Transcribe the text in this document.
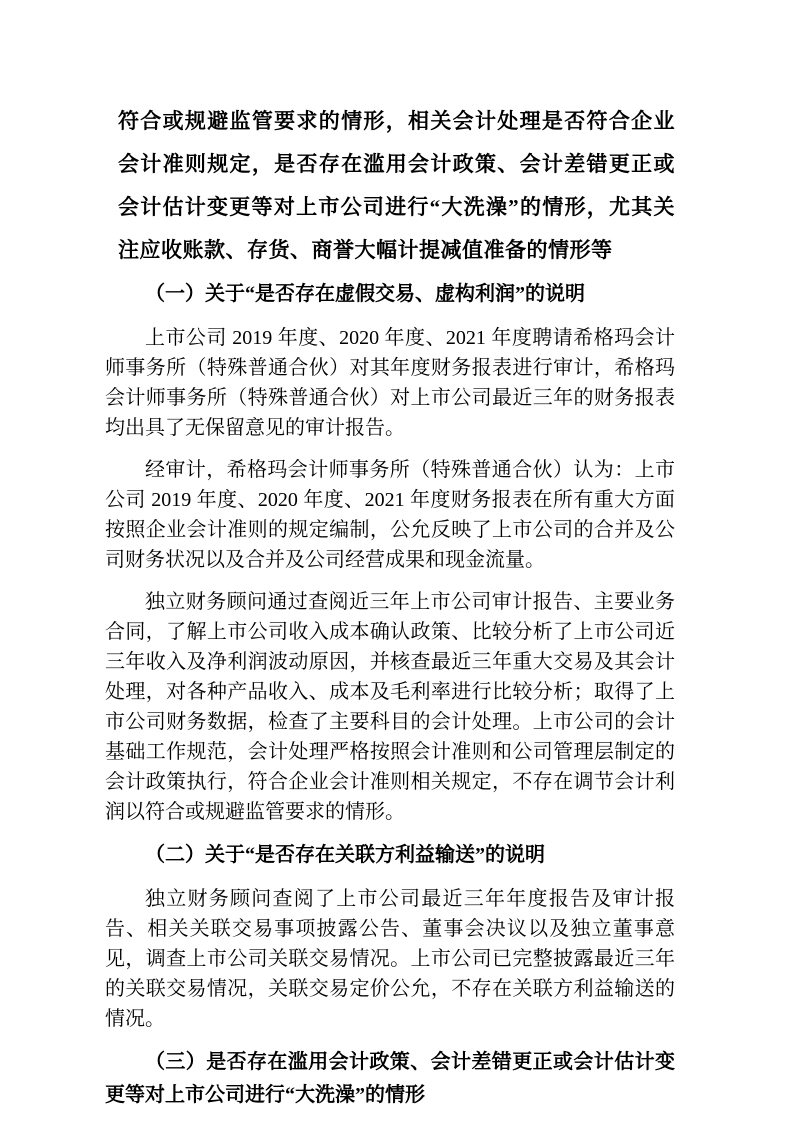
符合或规避监管要求的情形，相关会计处理是否符合企业会计准则规定，是否存在滥用会计政策、会计差错更正或会计估计变更等对上市公司进行“大洗澡”的情形，尤其关注应收账款、存货、商誉大幅计提减值准备的情形等

（一）关于“是否存在虚假交易、虚构利润”的说明

上市公司 2019 年度、2020 年度、2021 年度聘请希格玛会计师事务所（特殊普通合伙）对其年度财务报表进行审计，希格玛会计师事务所（特殊普通合伙）对上市公司最近三年的财务报表均出具了无保留意见的审计报告。

经审计，希格玛会计师事务所（特殊普通合伙）认为：上市公司 2019 年度、2020 年度、2021 年度财务报表在所有重大方面按照企业会计准则的规定编制，公允反映了上市公司的合并及公司财务状况以及合并及公司经营成果和现金流量。

独立财务顾问通过查阅近三年上市公司审计报告、主要业务合同，了解上市公司收入成本确认政策、比较分析了上市公司近三年收入及净利润波动原因，并核查最近三年重大交易及其会计处理，对各种产品收入、成本及毛利率进行比较分析；取得了上市公司财务数据，检查了主要科目的会计处理。上市公司的会计基础工作规范，会计处理严格按照会计准则和公司管理层制定的会计政策执行，符合企业会计准则相关规定，不存在调节会计利润以符合或规避监管要求的情形。

（二）关于“是否存在关联方利益输送”的说明

独立财务顾问查阅了上市公司最近三年年度报告及审计报告、相关关联交易事项披露公告、董事会决议以及独立董事意见，调查上市公司关联交易情况。上市公司已完整披露最近三年的关联交易情况，关联交易定价公允，不存在关联方利益输送的情况。

（三）是否存在滥用会计政策、会计差错更正或会计估计变更等对上市公司进行“大洗澡”的情形
